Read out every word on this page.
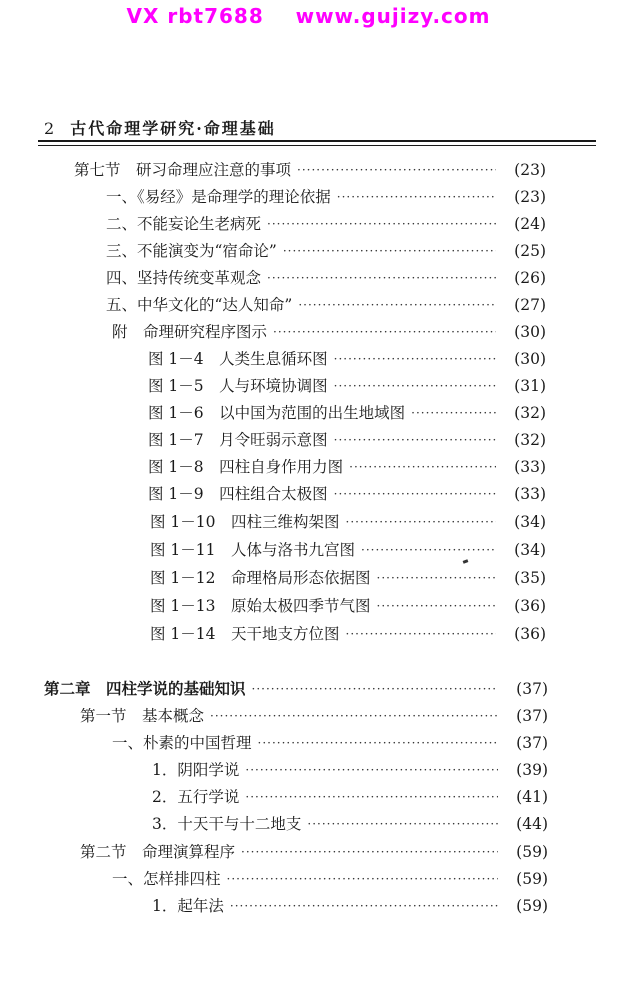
VX rbt7688    www.gujizy.com
2 古代命理学研究·命理基础
第七节　研习命理应注意的事项 ·····	(23)
一、《易经》是命理学的理论依据 ·····	(23)
二、不能妄论生老病死 ·····	(24)
三、不能演变为“宿命论” ·····	(25)
四、坚持传统变革观念 ·····	(26)
五、中华文化的“达人知命” ·····	(27)
附　命理研究程序图示 ·····	(30)
图 1－4　人类生息循环图 ·····	(30)
图 1－5　人与环境协调图 ·····	(31)
图 1－6　以中国为范围的出生地域图 ·····	(32)
图 1－7　月令旺弱示意图 ·····	(32)
图 1－8　四柱自身作用力图 ·····	(33)
图 1－9　四柱组合太极图 ·····	(33)
图 1－10　四柱三维构架图 ·····	(34)
图 1－11　人体与洛书九宫图 ·····	(34)
图 1－12　命理格局形态依据图 ·····	(35)
图 1－13　原始太极四季节气图 ·····	(36)
图 1－14　天干地支方位图 ·····	(36)
第二章　四柱学说的基础知识 ·····	(37)
第一节　基本概念 ·····	(37)
一、朴素的中国哲理 ·····	(37)
1．阴阳学说 ·····	(39)
2．五行学说 ·····	(41)
3．十天干与十二地支 ·····	(44)
第二节　命理演算程序 ·····	(59)
一、怎样排四柱 ·····	(59)
1．起年法 ·····	(59)
